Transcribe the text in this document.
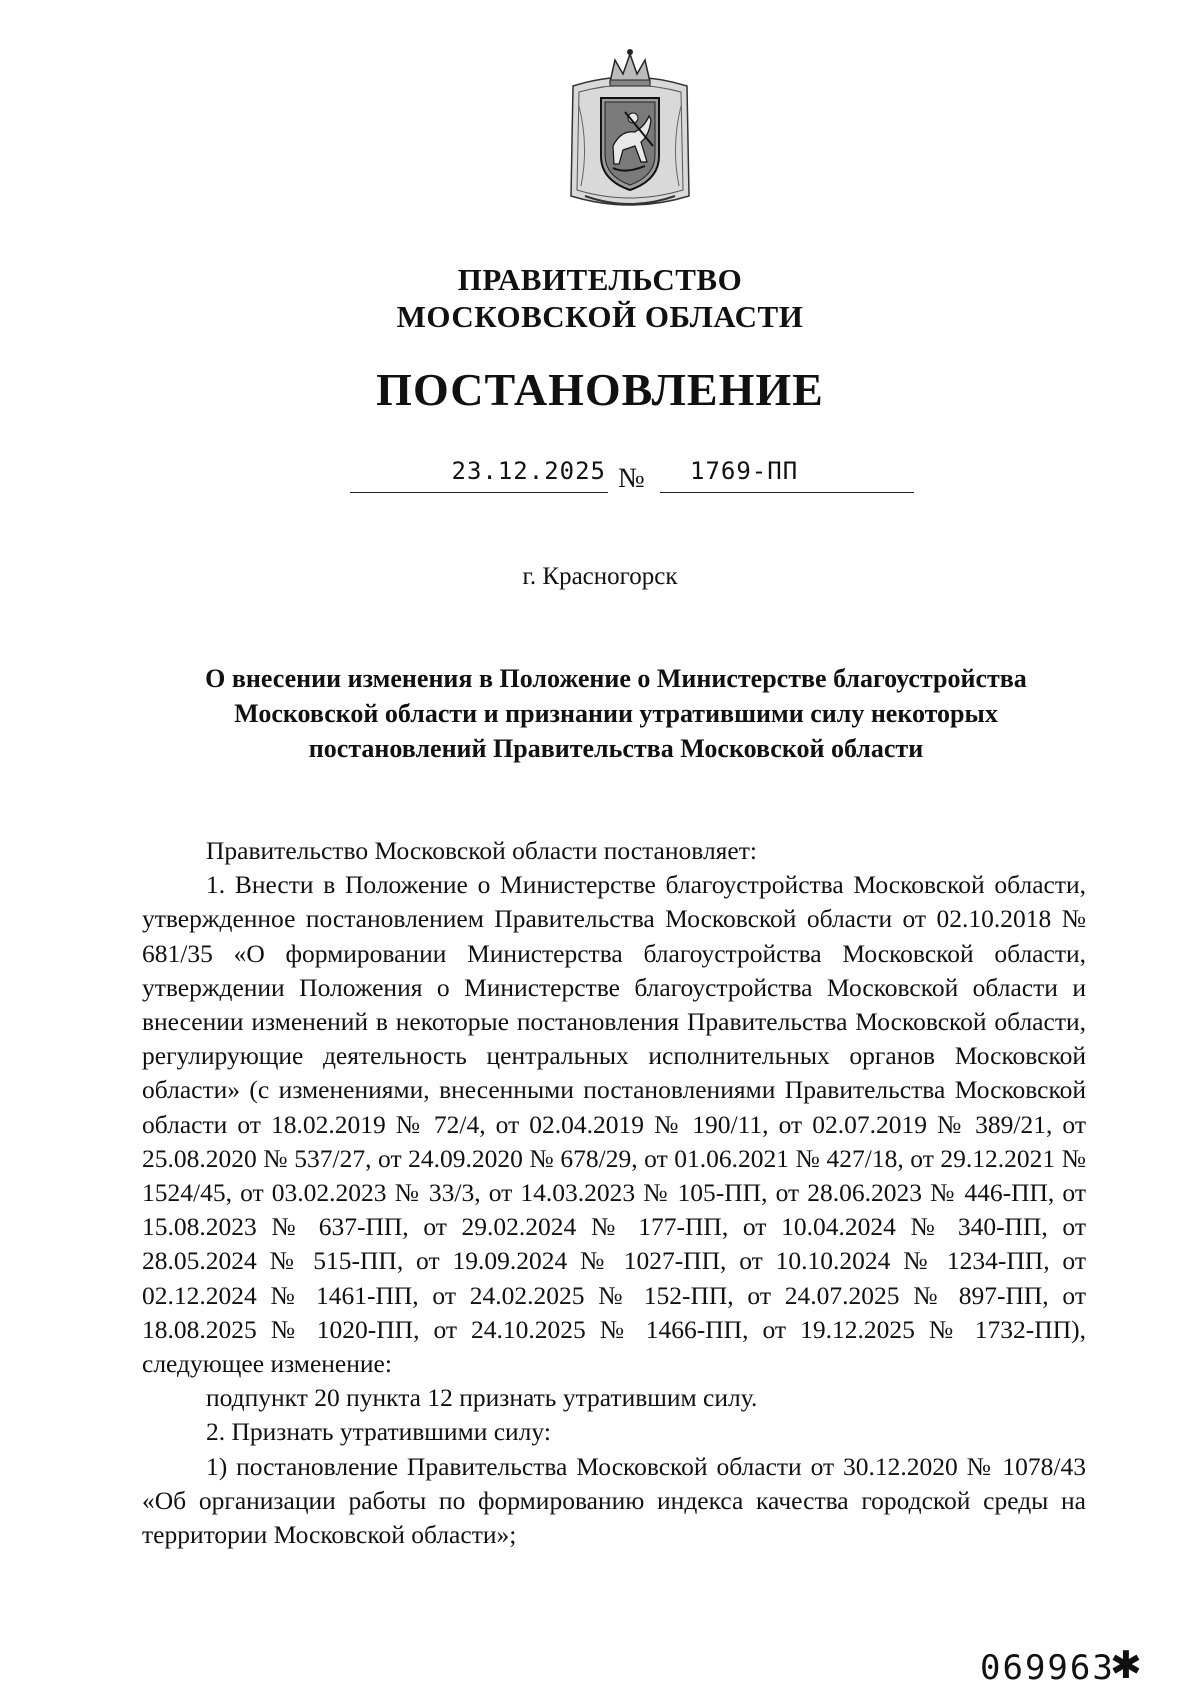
ПРАВИТЕЛЬСТВО
МОСКОВСКОЙ ОБЛАСТИ
ПОСТАНОВЛЕНИЕ
23.12.2025 №	1769-ПП
г. Красногорск
О внесении изменения в Положение о Министерстве благоустройства Московской области и признании утратившими силу некоторых постановлений Правительства Московской области

Правительство Московской области постановляет:

1. Внести в Положение о Министерстве благоустройства Московской области, утвержденное постановлением Правительства Московской области от 02.10.2018 № 681/35 «О формировании Министерства благоустройства Московской области, утверждении Положения о Министерстве благоустройства Московской области и внесении изменений в некоторые постановления Правительства Московской области, регулирующие деятельность центральных исполнительных органов Московской области» (с изменениями, внесенными постановлениями Правительства Московской области от 18.02.2019 № 72/4, от 02.04.2019 № 190/11, от 02.07.2019 № 389/21, от 25.08.2020 № 537/27, от 24.09.2020 № 678/29, от 01.06.2021 № 427/18, от 29.12.2021 № 1524/45, от 03.02.2023 № 33/3, от 14.03.2023 № 105-ПП, от 28.06.2023 № 446-ПП, от 15.08.2023 № 637-ПП, от 29.02.2024 № 177-ПП, от 10.04.2024 № 340-ПП, от 28.05.2024 № 515-ПП, от 19.09.2024 № 1027-ПП, от 10.10.2024 № 1234-ПП, от 02.12.2024 № 1461-ПП, от 24.02.2025 № 152-ПП, от 24.07.2025 № 897-ПП, от 18.08.2025 № 1020-ПП, от 24.10.2025 № 1466-ПП, от 19.12.2025 № 1732-ПП), следующее изменение:

подпункт 20 пункта 12 признать утратившим силу.

2. Признать утратившими силу:

1) постановление Правительства Московской области от 30.12.2020 № 1078/43 «Об организации работы по формированию индекса качества городской среды на территории Московской области»;

069963
✱
